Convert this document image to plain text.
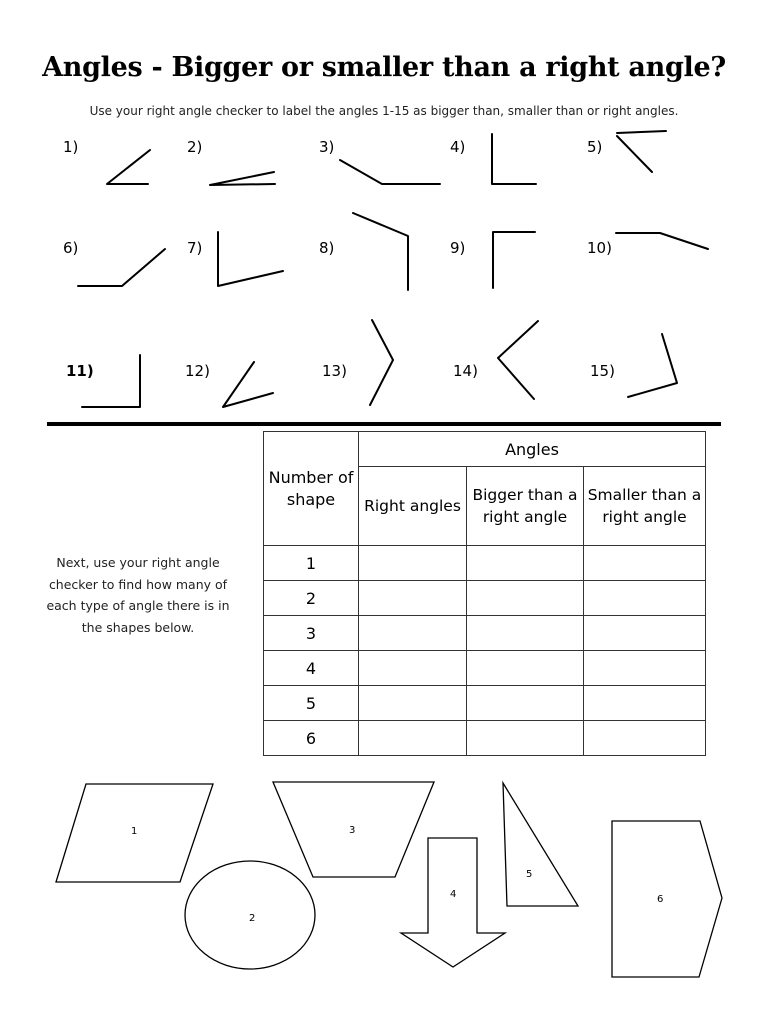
Angles - Bigger or smaller than a right angle?
Use your right angle checker to label the angles 1-15 as bigger than, smaller than or right angles.
1)	2)	3)	4)	5)
6)	7)	8)	9)	10)
11)	12)	13)	14)	15)
Next, use your right angle checker to find how many of each type of angle there is in the shapes below.
Number of shape	Angles		
	Right angles	Bigger than a right angle	Smaller than a right angle
1			
2			
3			
4			
5			
6			
1
2
3
4
5
6
